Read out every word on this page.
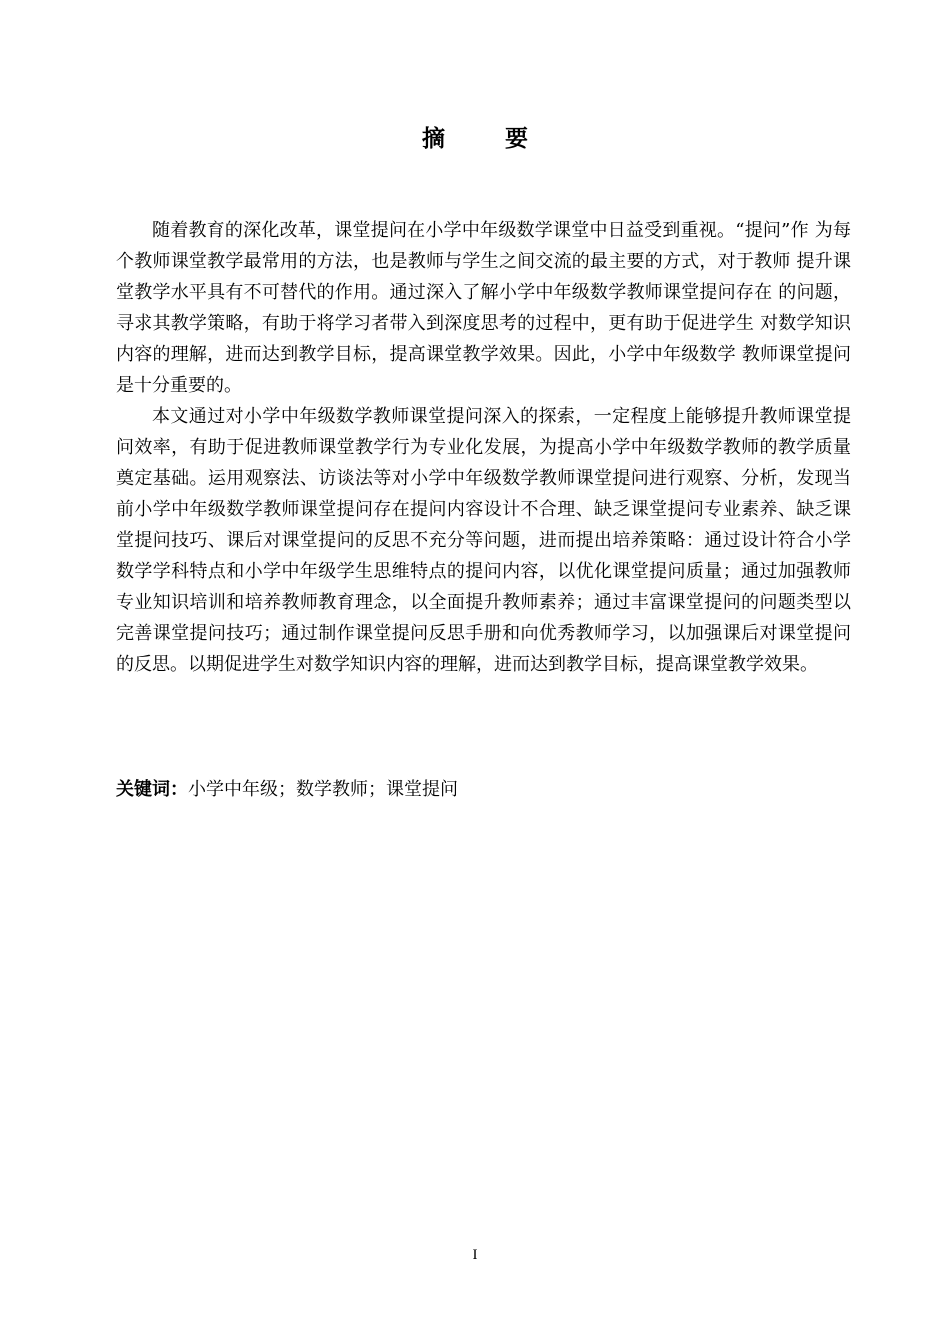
摘 要

随着教育的深化改革，课堂提问在小学中年级数学课堂中日益受到重视。“提问”作 为每个教师课堂教学最常用的方法，也是教师与学生之间交流的最主要的方式，对于教师 提升课堂教学水平具有不可替代的作用。通过深入了解小学中年级数学教师课堂提问存在 的问题，寻求其教学策略，有助于将学习者带入到深度思考的过程中，更有助于促进学生 对数学知识内容的理解，进而达到教学目标，提高课堂教学效果。因此，小学中年级数学 教师课堂提问是十分重要的。

本文通过对小学中年级数学教师课堂提问深入的探索，一定程度上能够提升教师课堂提问效率，有助于促进教师课堂教学行为专业化发展，为提高小学中年级数学教师的教学质量奠定基础。运用观察法、访谈法等对小学中年级数学教师课堂提问进行观察、分析，发现当前小学中年级数学教师课堂提问存在提问内容设计不合理、缺乏课堂提问专业素养、缺乏课堂提问技巧、课后对课堂提问的反思不充分等问题，进而提出培养策略：通过设计符合小学数学学科特点和小学中年级学生思维特点的提问内容，以优化课堂提问质量；通过加强教师专业知识培训和培养教师教育理念，以全面提升教师素养；通过丰富课堂提问的问题类型以完善课堂提问技巧；通过制作课堂提问反思手册和向优秀教师学习，以加强课后对课堂提问的反思。以期促进学生对数学知识内容的理解，进而达到教学目标，提高课堂教学效果。

关键词：小学中年级；数学教师；课堂提问
I
